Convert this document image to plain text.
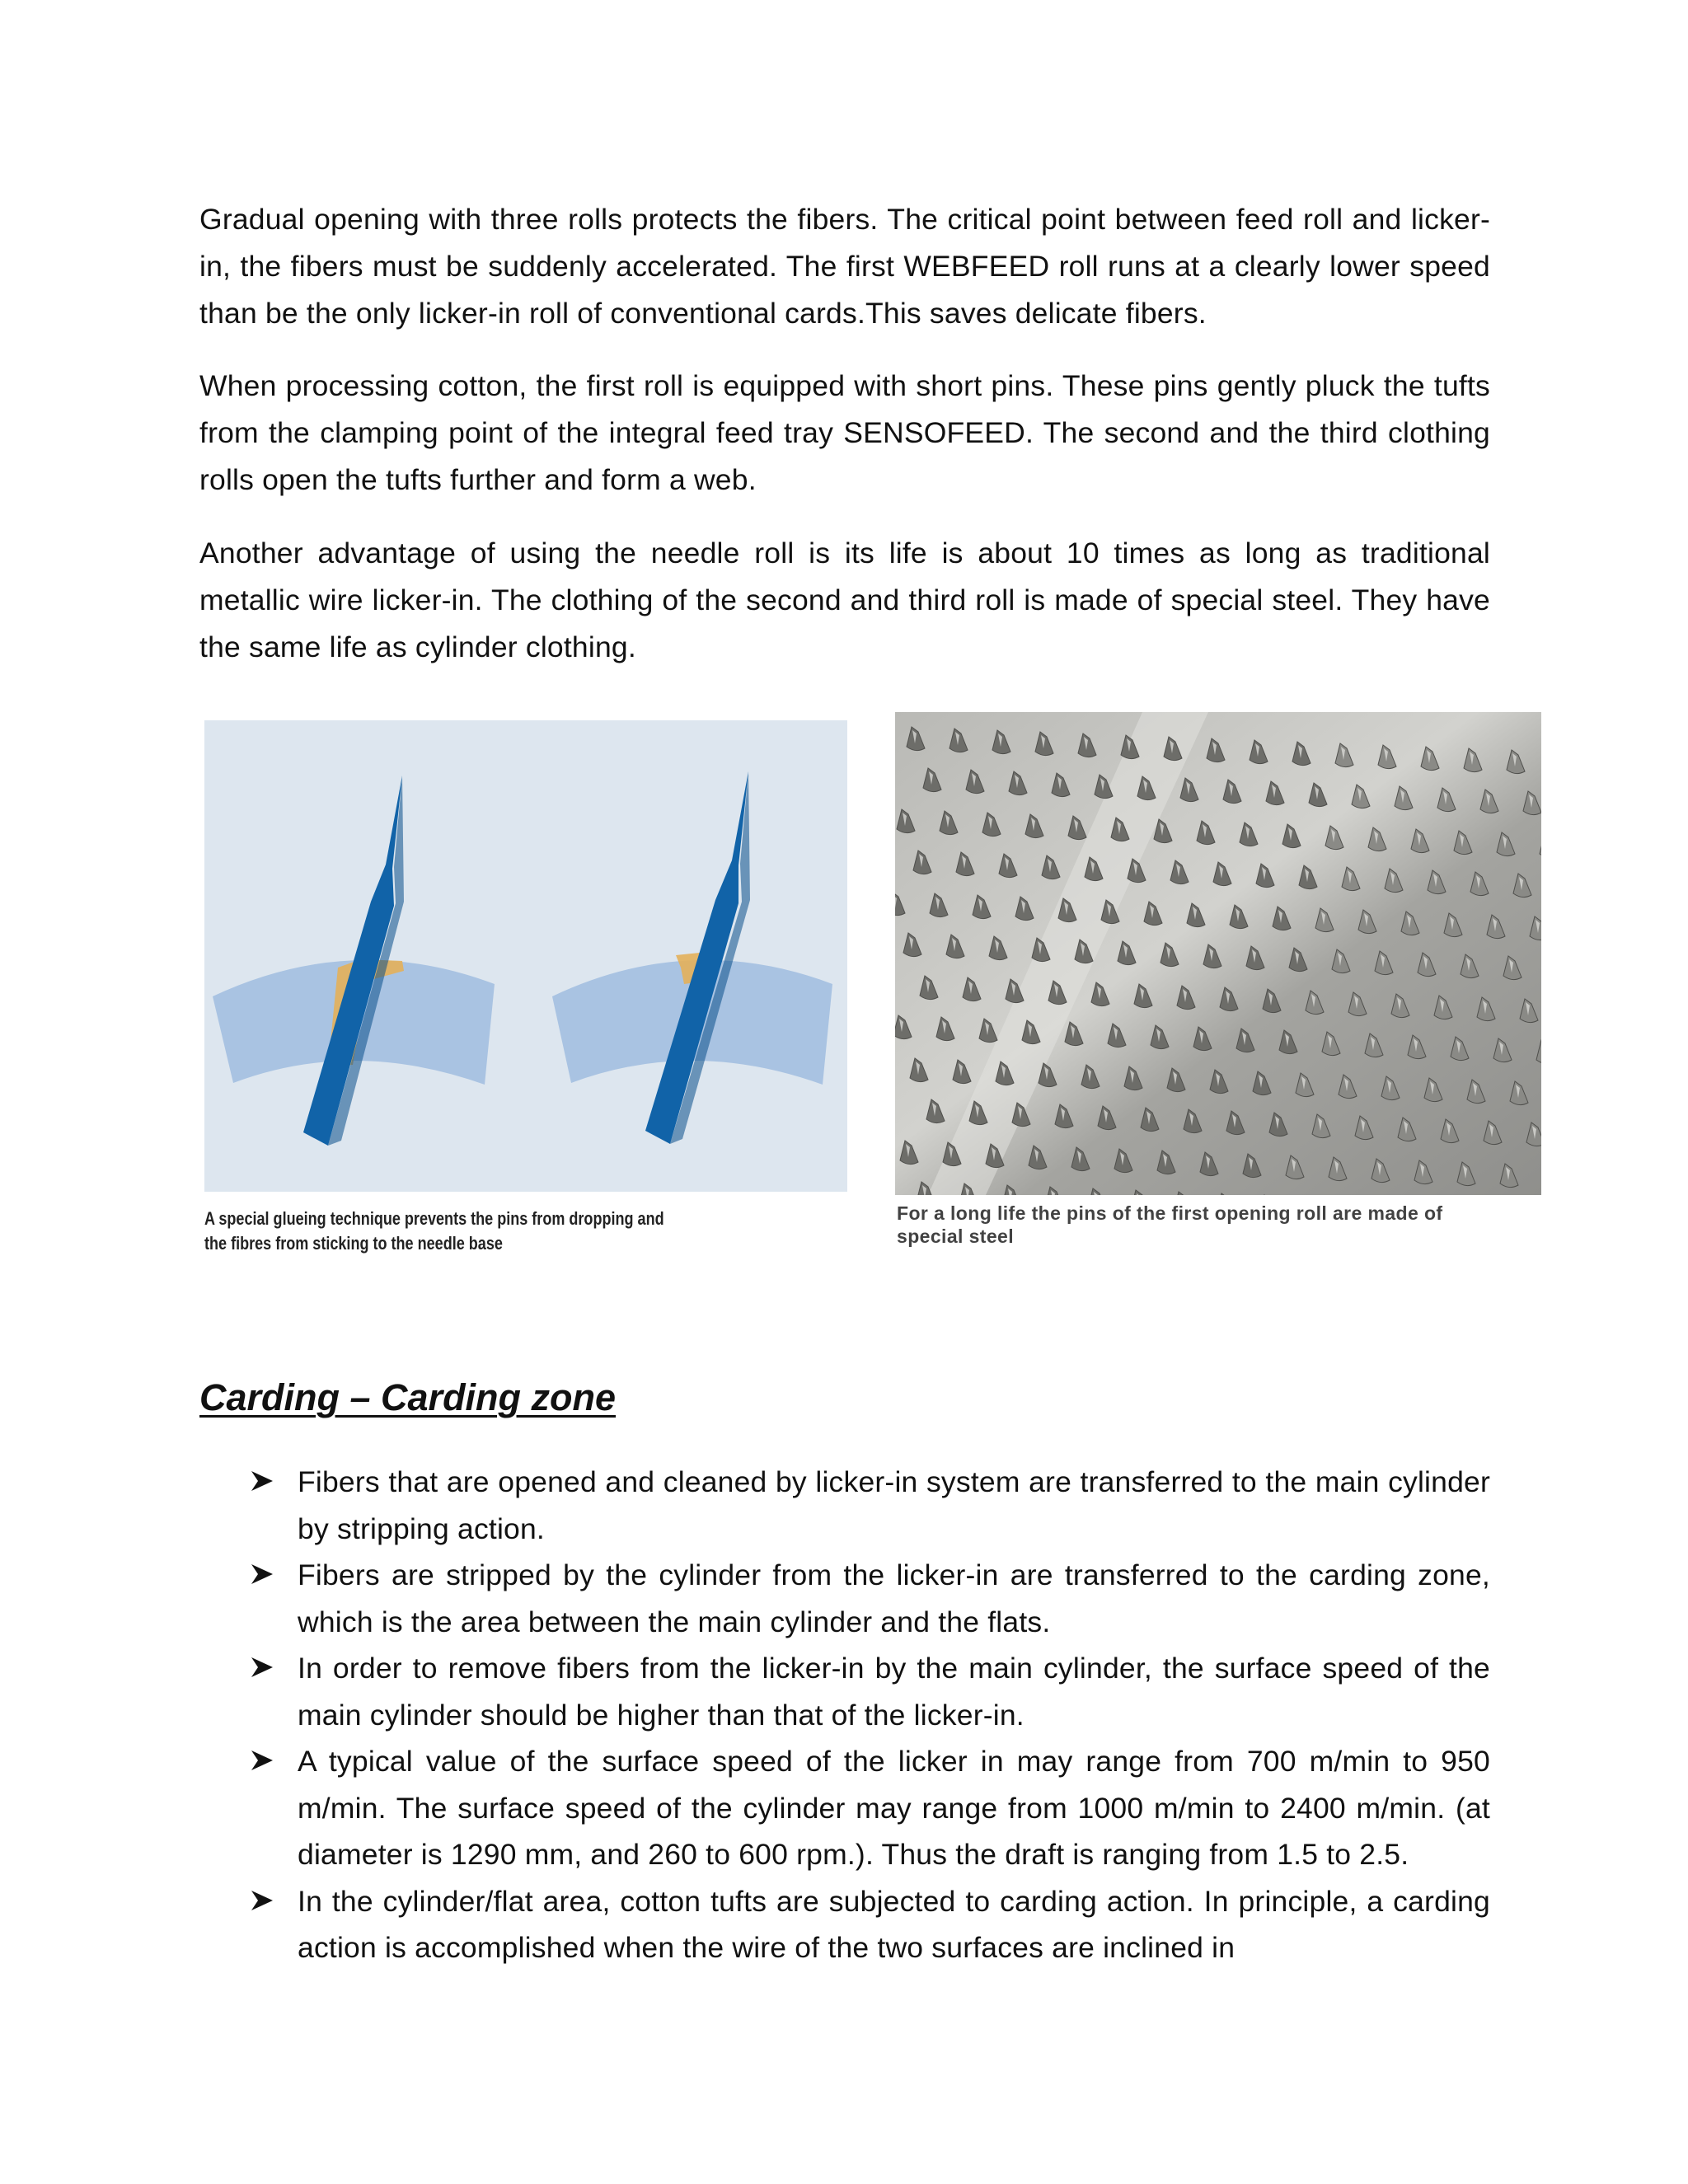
Gradual opening with three rolls protects the fibers. The critical point between feed roll and licker-in, the fibers must be suddenly accelerated. The first WEBFEED roll runs at a clearly lower speed than be the only licker-in roll of conventional cards.This saves delicate fibers.

When processing cotton, the first roll is equipped with short pins. These pins gently pluck the tufts from the clamping point of the integral feed tray SENSOFEED. The second and the third clothing rolls open the tufts further and form a web.

Another advantage of using the needle roll is its life is about 10 times as long as traditional metallic wire licker-in. The clothing of the second and third roll is made of special steel. They have the same life as cylinder clothing.

A special glueing technique prevents the pins from dropping and
the fibres from sticking to the needle base
For a long life the pins of the first opening roll are made of
special steel
Carding – Carding zone
Fibers that are opened and cleaned by licker-in system are transferred to the main cylinder by stripping action.
Fibers are stripped by the cylinder from the licker-in are transferred to the carding zone, which is the area between the main cylinder and the flats.
In order to remove fibers from the licker-in by the main cylinder, the surface speed of the main cylinder should be higher than that of the licker-in.
A typical value of the surface speed of the licker in may range from 700 m/min to 950 m/min. The surface speed of the cylinder may range from 1000 m/min to 2400 m/min. (at diameter is 1290 mm, and 260 to 600 rpm.). Thus the draft is ranging from 1.5 to 2.5.
In the cylinder/flat area, cotton tufts are subjected to carding action. In principle, a carding action is accomplished when the wire of the two surfaces are inclined in
